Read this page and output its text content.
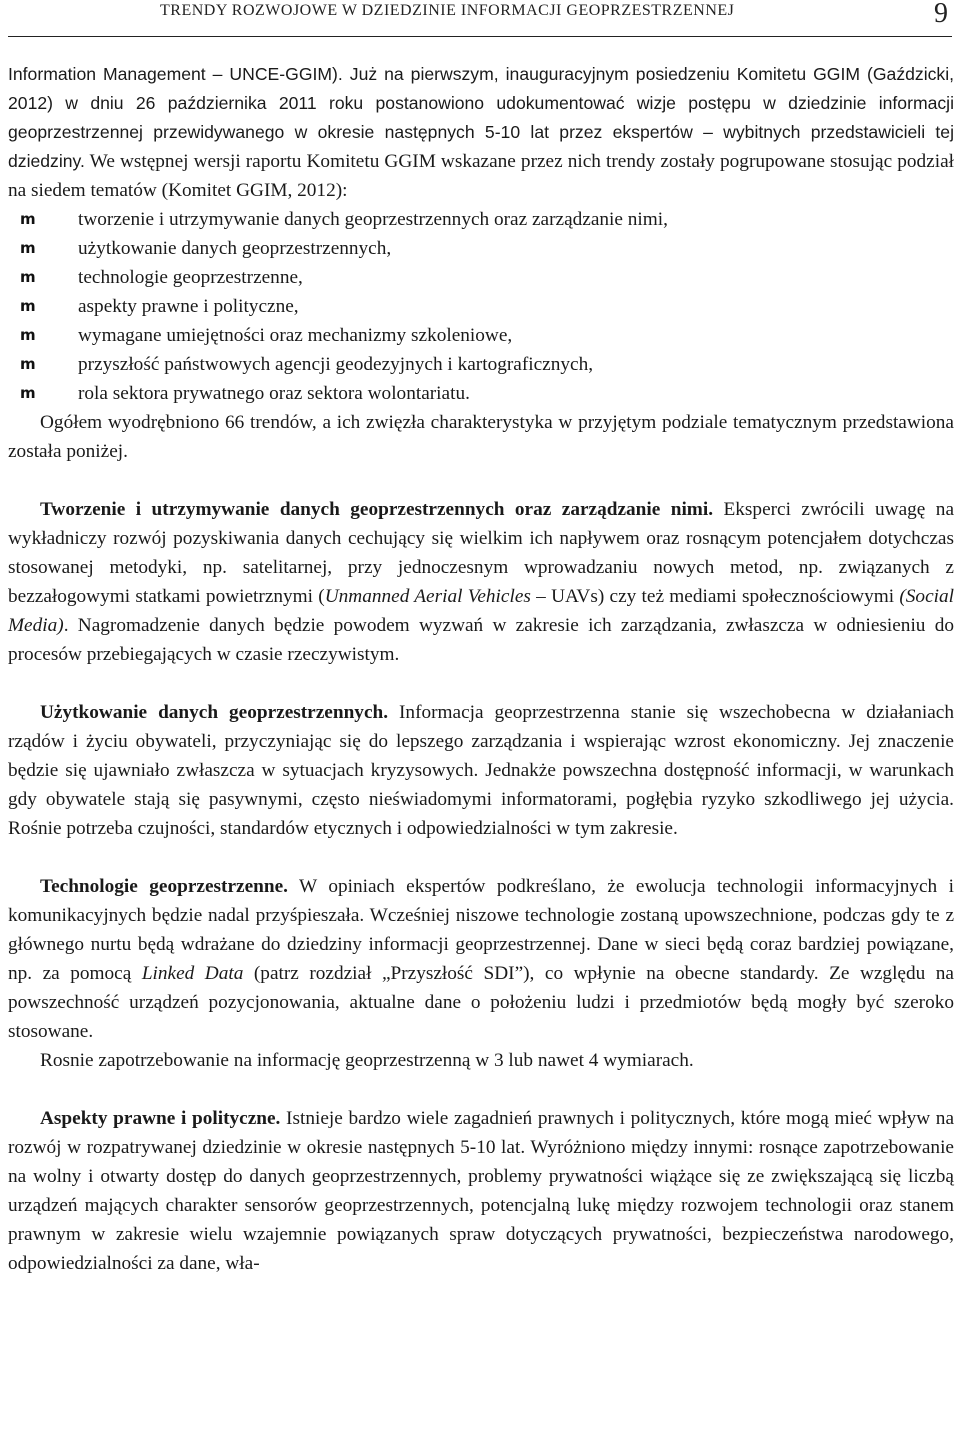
TRENDY ROZWOJOWE W DZIEDZINIE INFORMACJI GEOPRZESTRZENNEJ	9

Information Management – UNCE-GGIM). Już na pierwszym, inauguracyjnym posiedzeniu Komitetu GGIM (Gaździcki, 2012) w dniu 26 października 2011 roku postanowiono udokumentować wizje postępu w dziedzinie informacji geoprzestrzennej przewidywanego w okresie następnych 5-10 lat przez ekspertów – wybitnych przedstawicieli tej dziedziny. We wstępnej wersji raportu Komitetu GGIM wskazane przez nich trendy zostały pogrupowane stosując podział na siedem tematów (Komitet GGIM, 2012):

m tworzenie i utrzymywanie danych geoprzestrzennych oraz zarządzanie nimi,
m użytkowanie danych geoprzestrzennych,
m technologie geoprzestrzenne,
m aspekty prawne i polityczne,
m wymagane umiejętności oraz mechanizmy szkoleniowe,
m przyszłość państwowych agencji geodezyjnych i kartograficznych,
m rola sektora prywatnego oraz sektora wolontariatu.

Ogółem wyodrębniono 66 trendów, a ich zwięzła charakterystyka w przyjętym podziale tematycznym przedstawiona została poniżej.

Tworzenie i utrzymywanie danych geoprzestrzennych oraz zarządzanie nimi. Eksperci zwrócili uwagę na wykładniczy rozwój pozyskiwania danych cechujący się wielkim ich napływem oraz rosnącym potencjałem dotychczas stosowanej metodyki, np. satelitarnej, przy jednoczesnym wprowadzaniu nowych metod, np. związanych z bezzałogowymi statkami powietrznymi (Unmanned Aerial Vehicles – UAVs) czy też mediami społecznościowymi (Social Media). Nagromadzenie danych będzie powodem wyzwań w zakresie ich zarządzania, zwłaszcza w odniesieniu do procesów przebiegających w czasie rzeczywistym.

Użytkowanie danych geoprzestrzennych. Informacja geoprzestrzenna stanie się wszechobecna w działaniach rządów i życiu obywateli, przyczyniając się do lepszego zarządzania i wspierając wzrost ekonomiczny. Jej znaczenie będzie się ujawniało zwłaszcza w sytuacjach kryzysowych. Jednakże powszechna dostępność informacji, w warunkach gdy obywatele stają się pasywnymi, często nieświadomymi informatorami, pogłębia ryzyko szkodliwego jej użycia. Rośnie potrzeba czujności, standardów etycznych i odpowiedzialności w tym zakresie.

Technologie geoprzestrzenne. W opiniach ekspertów podkreślano, że ewolucja technologii informacyjnych i komunikacyjnych będzie nadal przyśpieszała. Wcześniej niszowe technologie zostaną upowszechnione, podczas gdy te z głównego nurtu będą wdrażane do dziedziny informacji geoprzestrzennej. Dane w sieci będą coraz bardziej powiązane, np. za pomocą Linked Data (patrz rozdział „Przyszłość SDI”), co wpłynie na obecne standardy. Ze względu na powszechność urządzeń pozycjonowania, aktualne dane o położeniu ludzi i przedmiotów będą mogły być szeroko stosowane.

Rosnie zapotrzebowanie na informację geoprzestrzenną w 3 lub nawet 4 wymiarach.

Aspekty prawne i polityczne. Istnieje bardzo wiele zagadnień prawnych i politycznych, które mogą mieć wpływ na rozwój w rozpatrywanej dziedzinie w okresie następnych 5-10 lat. Wyróżniono między innymi: rosnące zapotrzebowanie na wolny i otwarty dostęp do danych geoprzestrzennych, problemy prywatności wiążące się ze zwiększającą się liczbą urządzeń mających charakter sensorów geoprzestrzennych, potencjalną lukę między rozwojem technologii oraz stanem prawnym w zakresie wielu wzajemnie powiązanych spraw dotyczących prywatności, bezpieczeństwa narodowego, odpowiedzialności za dane, wła-
